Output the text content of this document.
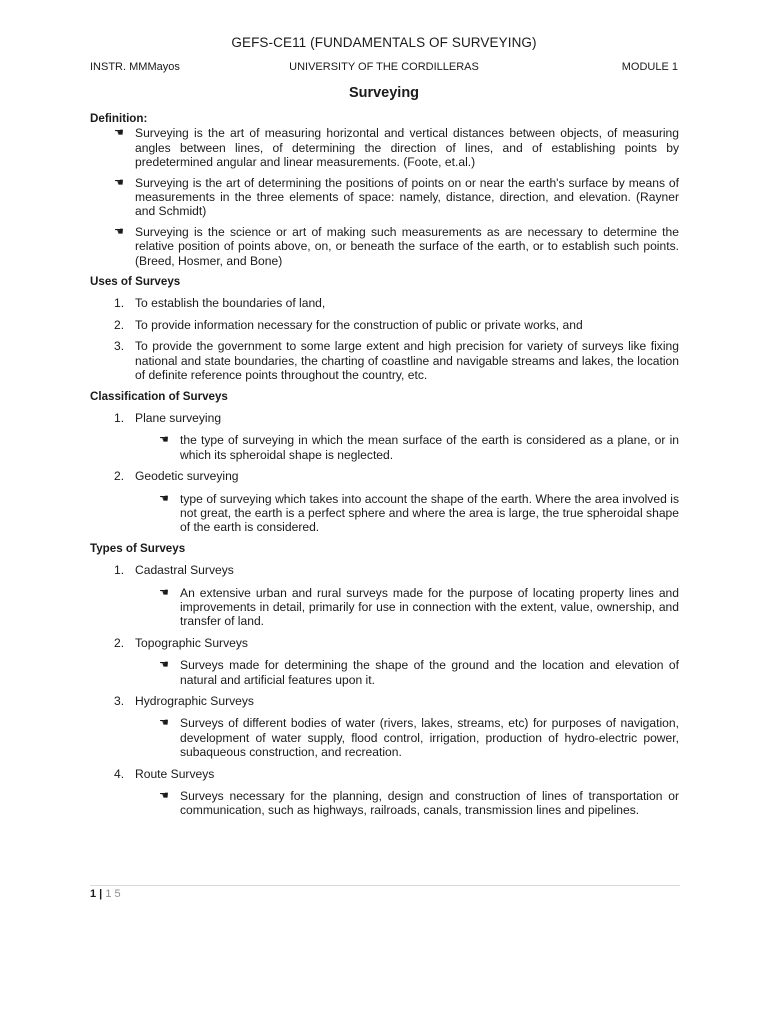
GEFS-CE11 (FUNDAMENTALS OF SURVEYING)
INSTR. MMMayos	UNIVERSITY OF THE CORDILLERAS	MODULE 1
Surveying
Definition:
☚ Surveying is the art of measuring horizontal and vertical distances between objects, of measuring angles between lines, of determining the direction of lines, and of establishing points by predetermined angular and linear measurements. (Foote, et.al.)
☚ Surveying is the art of determining the positions of points on or near the earth's surface by means of measurements in the three elements of space: namely, distance, direction, and elevation. (Rayner and Schmidt)
☚ Surveying is the science or art of making such measurements as are necessary to determine the relative position of points above, on, or beneath the surface of the earth, or to establish such points. (Breed, Hosmer, and Bone)
Uses of Surveys
1. To establish the boundaries of land,
2. To provide information necessary for the construction of public or private works, and
3. To provide the government to some large extent and high precision for variety of surveys like fixing national and state boundaries, the charting of coastline and navigable streams and lakes, the location of definite reference points throughout the country, etc.
Classification of Surveys
1. Plane surveying
☚ the type of surveying in which the mean surface of the earth is considered as a plane, or in which its spheroidal shape is neglected.
2. Geodetic surveying
☚ type of surveying which takes into account the shape of the earth. Where the area involved is not great, the earth is a perfect sphere and where the area is large, the true spheroidal shape of the earth is considered.
Types of Surveys
1. Cadastral Surveys
☚ An extensive urban and rural surveys made for the purpose of locating property lines and improvements in detail, primarily for use in connection with the extent, value, ownership, and transfer of land.
2. Topographic Surveys
☚ Surveys made for determining the shape of the ground and the location and elevation of natural and artificial features upon it.
3. Hydrographic Surveys
☚ Surveys of different bodies of water (rivers, lakes, streams, etc) for purposes of navigation, development of water supply, flood control, irrigation, production of hydro-electric power, subaqueous construction, and recreation.
4. Route Surveys
☚ Surveys necessary for the planning, design and construction of lines of transportation or communication, such as highways, railroads, canals, transmission lines and pipelines.
1 | 1 5
